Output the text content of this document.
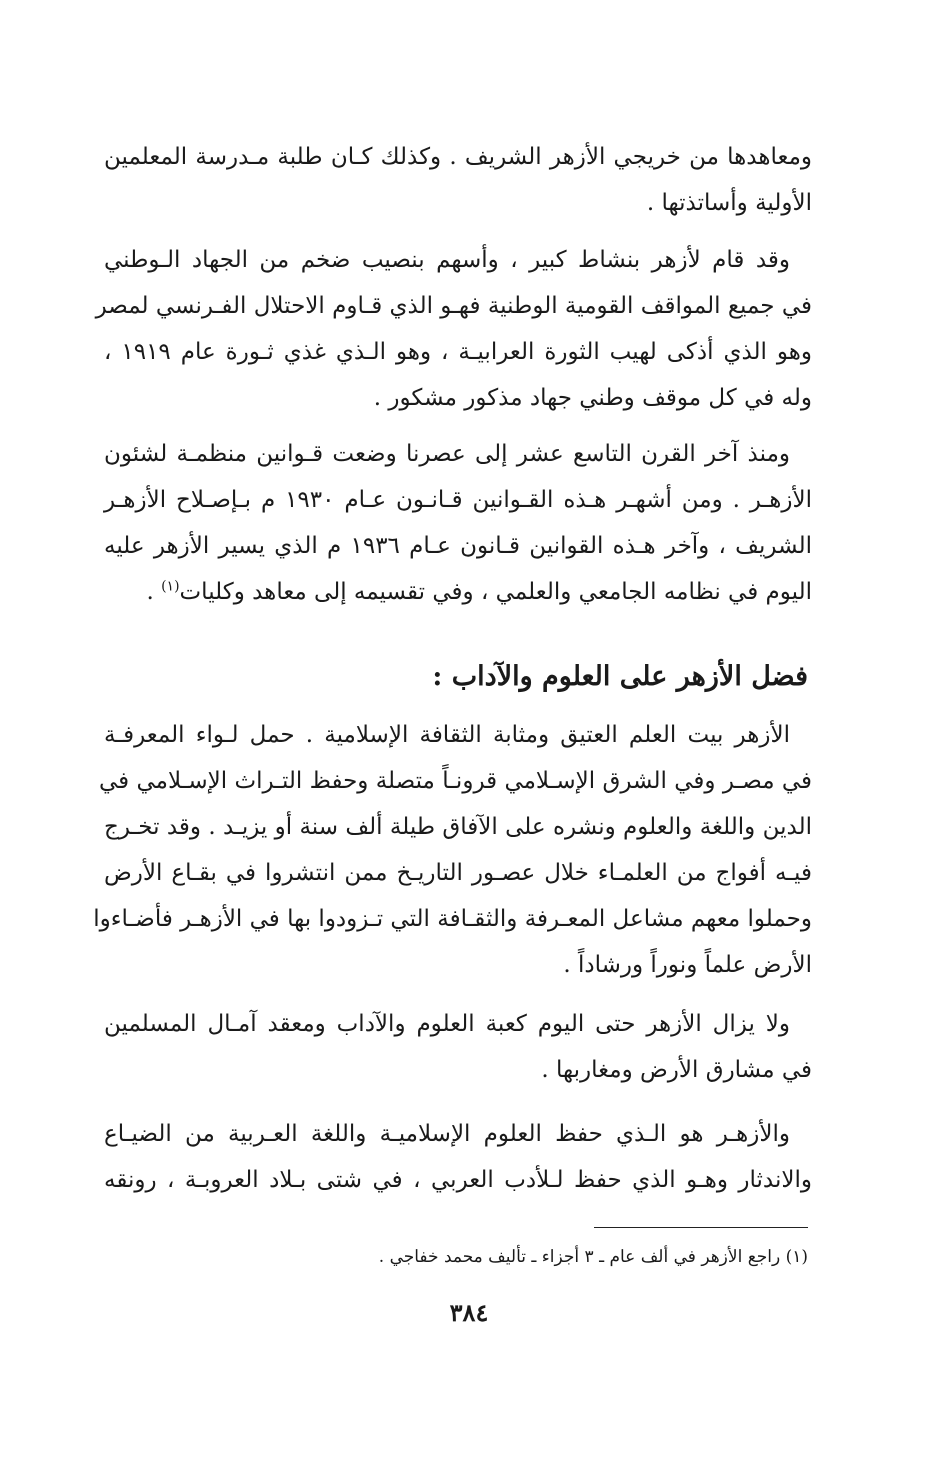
ومعاهدها من خريجي الأزهر الشريف . وكذلك كـان طلبة مـدرسة المعلمين
الأولية وأساتذتها .
وقد قام لأزهر بنشاط كبير ، وأسهم بنصيب ضخم من الجهاد الـوطني
في جميع المواقف القومية الوطنية فهـو الذي قـاوم الاحتلال الفـرنسي لمصر
وهو الذي أذكى لهيب الثورة العرابيـة ، وهو الـذي غذي ثـورة عام ١٩١٩ ،
وله في كل موقف وطني جهاد مذكور مشكور .
ومنذ آخر القرن التاسع عشر إلى عصرنا وضعت قـوانين منظمـة لشئون
الأزهـر . ومن أشهـر هـذه القـوانين قـانـون عـام ١٩٣٠ م بـإصـلاح الأزهـر
الشريف ، وآخر هـذه القوانين قـانون عـام ١٩٣٦ م الذي يسير الأزهر عليه
اليوم في نظامه الجامعي والعلمي ، وفي تقسيمه إلى معاهد وكليات$^{(١)}$ .
فضل الأزهر على العلوم والآداب :
الأزهر بيت العلم العتيق ومثابة الثقافة الإسلامية . حمل لـواء المعرفـة
في مصـر وفي الشرق الإسـلامي قرونـاً متصلة وحفظ التـراث الإسـلامي في
الدين واللغة والعلوم ونشره على الآفاق طيلة ألف سنة أو يزيـد . وقد تخـرج
فيـه أفواج من العلمـاء خلال عصـور التاريـخ ممن انتشروا في بقـاع الأرض
وحملوا معهم مشاعل المعـرفة والثقـافة التي تـزودوا بها في الأزهـر فأضـاءوا
الأرض علماً ونوراً ورشاداً .
ولا يزال الأزهر حتى اليوم كعبة العلوم والآداب ومعقد آمـال المسلمين
في مشارق الأرض ومغاربها .
والأزهـر هو الـذي حفظ العلوم الإسلاميـة واللغة العـربية من الضيـاع
والاندثار وهـو الذي حفظ لـلأدب العربي ، في شتى بـلاد العروبـة ، رونقه
(١) راجع الأزهر في ألف عام ـ ٣ أجزاء ـ تأليف محمد خفاجي .
٣٨٤
